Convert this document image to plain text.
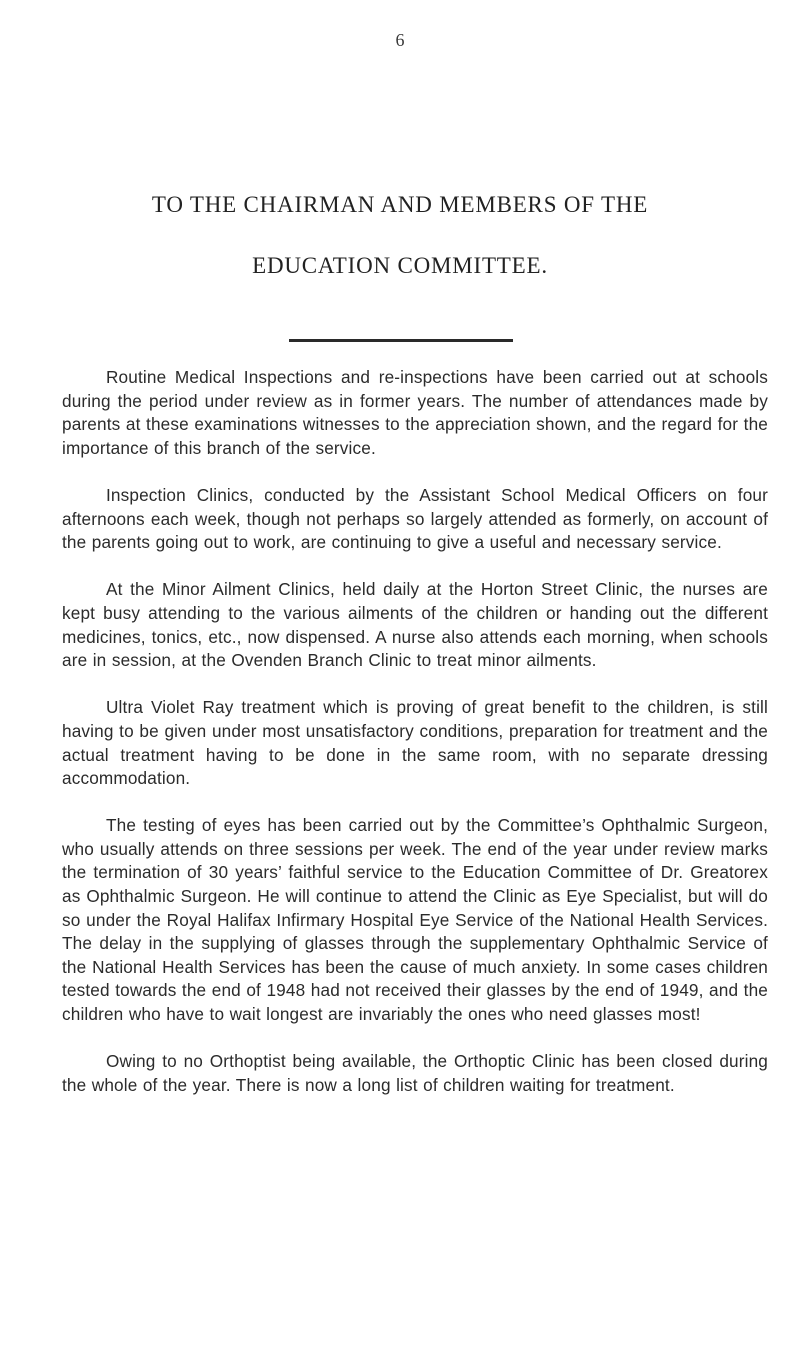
6
TO THE CHAIRMAN AND MEMBERS OF THE
EDUCATION COMMITTEE.

Routine Medical Inspections and re-inspections have been carried out at schools during the period under review as in former years. The number of attendances made by parents at these examinations witnesses to the appreciation shown, and the regard for the importance of this branch of the service.

Inspection Clinics, conducted by the Assistant School Medical Officers on four afternoons each week, though not perhaps so largely attended as formerly, on account of the parents going out to work, are continuing to give a useful and necessary service.

At the Minor Ailment Clinics, held daily at the Horton Street Clinic, the nurses are kept busy attending to the various ailments of the children or handing out the different medicines, tonics, etc., now dispensed. A nurse also attends each morning, when schools are in session, at the Ovenden Branch Clinic to treat minor ailments.

Ultra Violet Ray treatment which is proving of great benefit to the children, is still having to be given under most unsatisfactory conditions, preparation for treatment and the actual treatment having to be done in the same room, with no separate dressing accommodation.

The testing of eyes has been carried out by the Committee’s Ophthalmic Surgeon, who usually attends on three sessions per week. The end of the year under review marks the termination of 30 years’ faithful service to the Education Committee of Dr. Greatorex as Ophthalmic Surgeon. He will continue to attend the Clinic as Eye Specialist, but will do so under the Royal Halifax Infirmary Hospital Eye Service of the National Health Services. The delay in the supplying of glasses through the supplementary Ophthalmic Service of the National Health Services has been the cause of much anxiety. In some cases children tested towards the end of 1948 had not received their glasses by the end of 1949, and the children who have to wait longest are invariably the ones who need glasses most!

Owing to no Orthoptist being available, the Orthoptic Clinic has been closed during the whole of the year. There is now a long list of children waiting for treatment.
